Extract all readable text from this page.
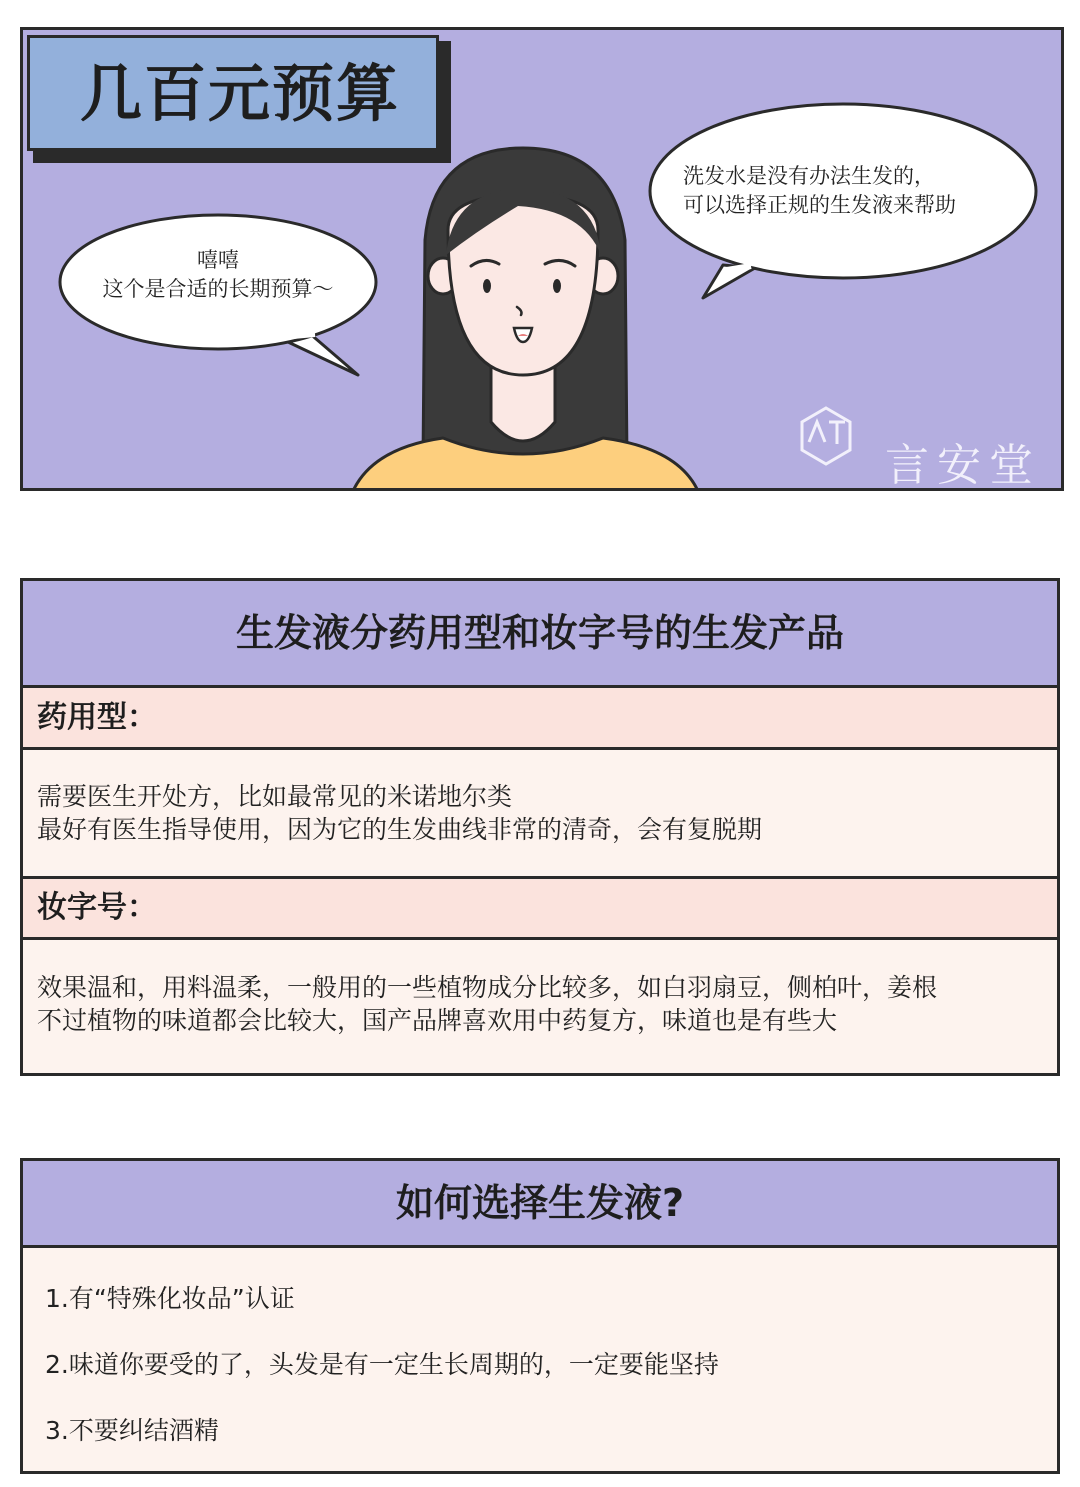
几百元预算
嘻嘻
这个是合适的长期预算～
洗发水是没有办法生发的，
可以选择正规的生发液来帮助
言安堂
生发液分药用型和妆字号的生发产品
药用型：
需要医生开处方，比如最常见的米诺地尔类
最好有医生指导使用，因为它的生发曲线非常的清奇，会有复脱期
妆字号：
效果温和，用料温柔，一般用的一些植物成分比较多，如白羽扇豆，侧柏叶，姜根
不过植物的味道都会比较大，国产品牌喜欢用中药复方，味道也是有些大
如何选择生发液?
1.有“特殊化妆品”认证
2.味道你要受的了，头发是有一定生长周期的，一定要能坚持
3.不要纠结酒精
